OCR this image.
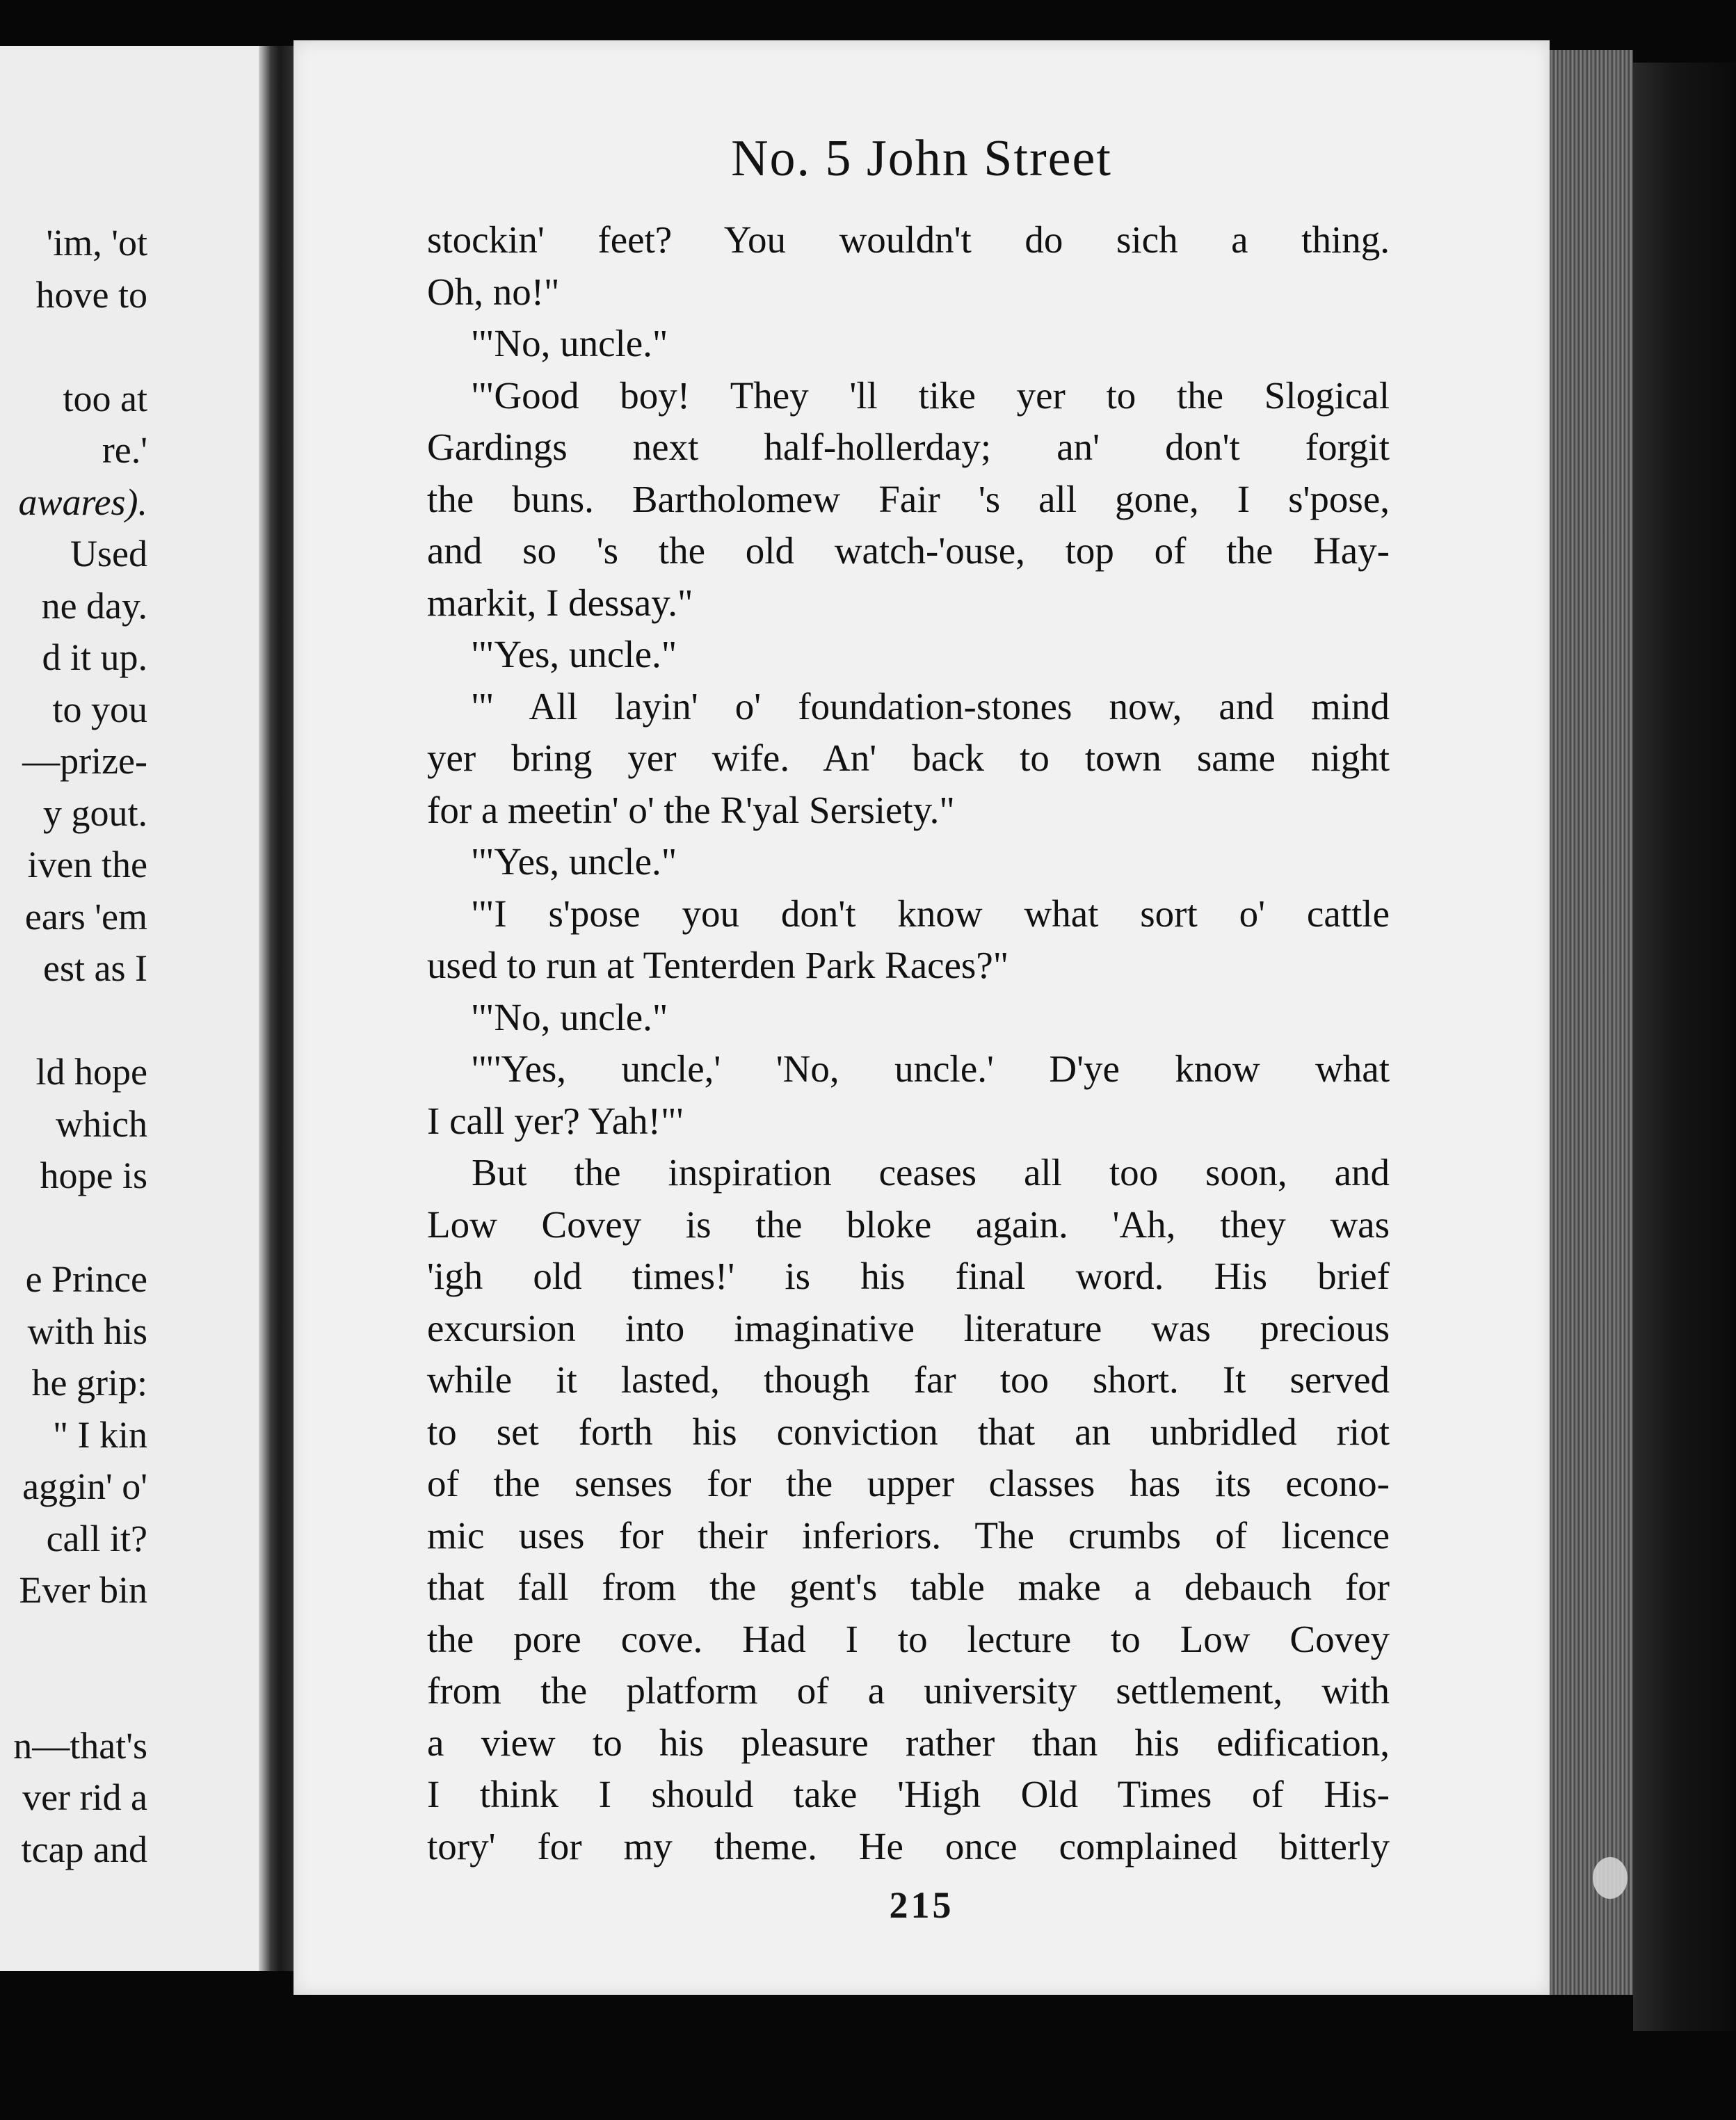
'im, 'ot
hove to
too at
re.'
awares).
Used
ne day.
d it up.
to you
—prize-
y gout.
iven the
ears 'em
est as I
ld hope
which
hope is
e Prince
with his
he grip:
" I kin
aggin' o'
call it?
Ever bin
n—that's
ver rid a
tcap and
No. 5 John Street
stockin' feet? You wouldn't do sich a thing.
Oh, no!"
'"No, uncle."
'"Good boy! They 'll tike yer to the Slogical
Gardings next half-hollerday; an' don't forgit
the buns. Bartholomew Fair 's all gone, I s'pose,
and so 's the old watch-'ouse, top of the Hay-
markit, I dessay."
'"Yes, uncle."
'" All layin' o' foundation-stones now, and mind
yer bring yer wife. An' back to town same night
for a meetin' o' the R'yal Sersiety."
'"Yes, uncle."
'"I s'pose you don't know what sort o' cattle
used to run at Tenterden Park Races?"
'"No, uncle."
'"'Yes, uncle,' 'No, uncle.' D'ye know what
I call yer? Yah!"'
But the inspiration ceases all too soon, and
Low Covey is the bloke again. 'Ah, they was
'igh old times!' is his final word. His brief
excursion into imaginative literature was precious
while it lasted, though far too short. It served
to set forth his conviction that an unbridled riot
of the senses for the upper classes has its econo-
mic uses for their inferiors. The crumbs of licence
that fall from the gent's table make a debauch for
the pore cove. Had I to lecture to Low Covey
from the platform of a university settlement, with
a view to his pleasure rather than his edification,
I think I should take 'High Old Times of His-
tory' for my theme. He once complained bitterly
215
